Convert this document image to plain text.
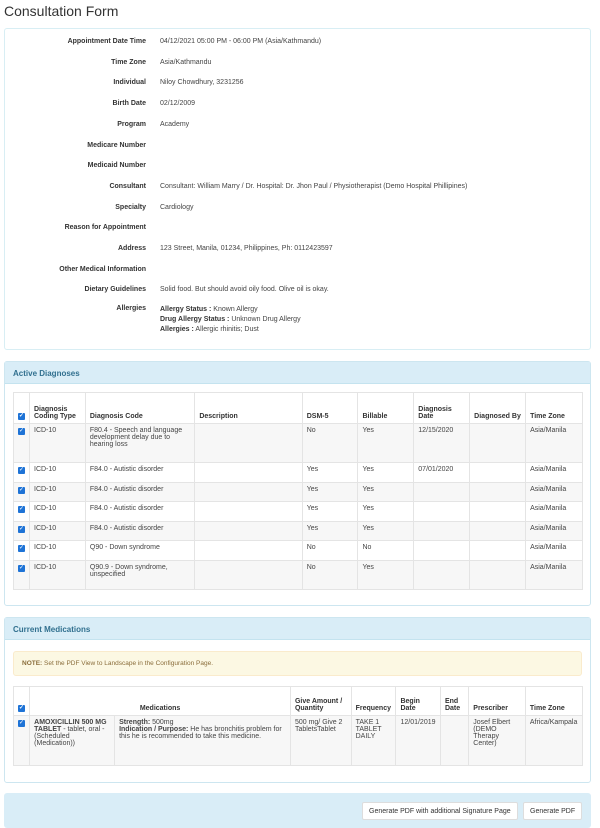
Consultation Form
Appointment Date Time 04/12/2021 05:00 PM - 06:00 PM (Asia/Kathmandu)
Time Zone Asia/Kathmandu
Individual Niloy Chowdhury, 3231256
Birth Date 02/12/2009
Program Academy
Medicare Number
Medicaid Number
Consultant Consultant: William Marry / Dr. Hospital: Dr. Jhon Paul / Physiotherapist (Demo Hospital Phillipines)
Specialty Cardiology
Reason for Appointment
Address 123 Street, Manila, 01234, Philippines, Ph: 0112423597
Other Medical Information
Dietary Guidelines Solid food. But should avoid oily food. Olive oil is okay.
Allergies Allergy Status : Known Allergy
Drug Allergy Status : Unknown Drug Allergy
Allergies : Allergic rhinitis; Dust
Active Diagnoses
✓	Diagnosis Coding Type	Diagnosis Code	Description	DSM-5	Billable	Diagnosis Date	Diagnosed By	Time Zone
✓	ICD-10	F80.4 - Speech and language development delay due to hearing loss		No	Yes	12/15/2020		Asia/Manila
✓	ICD-10	F84.0 - Autistic disorder		Yes	Yes	07/01/2020		Asia/Manila
✓	ICD-10	F84.0 - Autistic disorder		Yes	Yes			Asia/Manila
✓	ICD-10	F84.0 - Autistic disorder		Yes	Yes			Asia/Manila
✓	ICD-10	F84.0 - Autistic disorder		Yes	Yes			Asia/Manila
✓	ICD-10	Q90 - Down syndrome		No	No			Asia/Manila
✓	ICD-10	Q90.9 - Down syndrome, unspecified		No	Yes			Asia/Manila
Current Medications
NOTE: Set the PDF View to Landscape in the Configuration Page.
✓	Medications		Give Amount / Quantity	Frequency	Begin Date	End Date	Prescriber	Time Zone
✓	AMOXICILLIN 500 MG TABLET - tablet, oral - (Scheduled (Medication))	Strength: 500mg
Indication / Purpose: He has bronchitis problem for this he is recommended to take this medicine.	500 mg/ Give 2 TabletsTablet	TAKE 1 TABLET DAILY	12/01/2019		Josef Elbert (DEMO Therapy Center)	Africa/Kampala
Generate PDF with additional Signature Page	Generate PDF
